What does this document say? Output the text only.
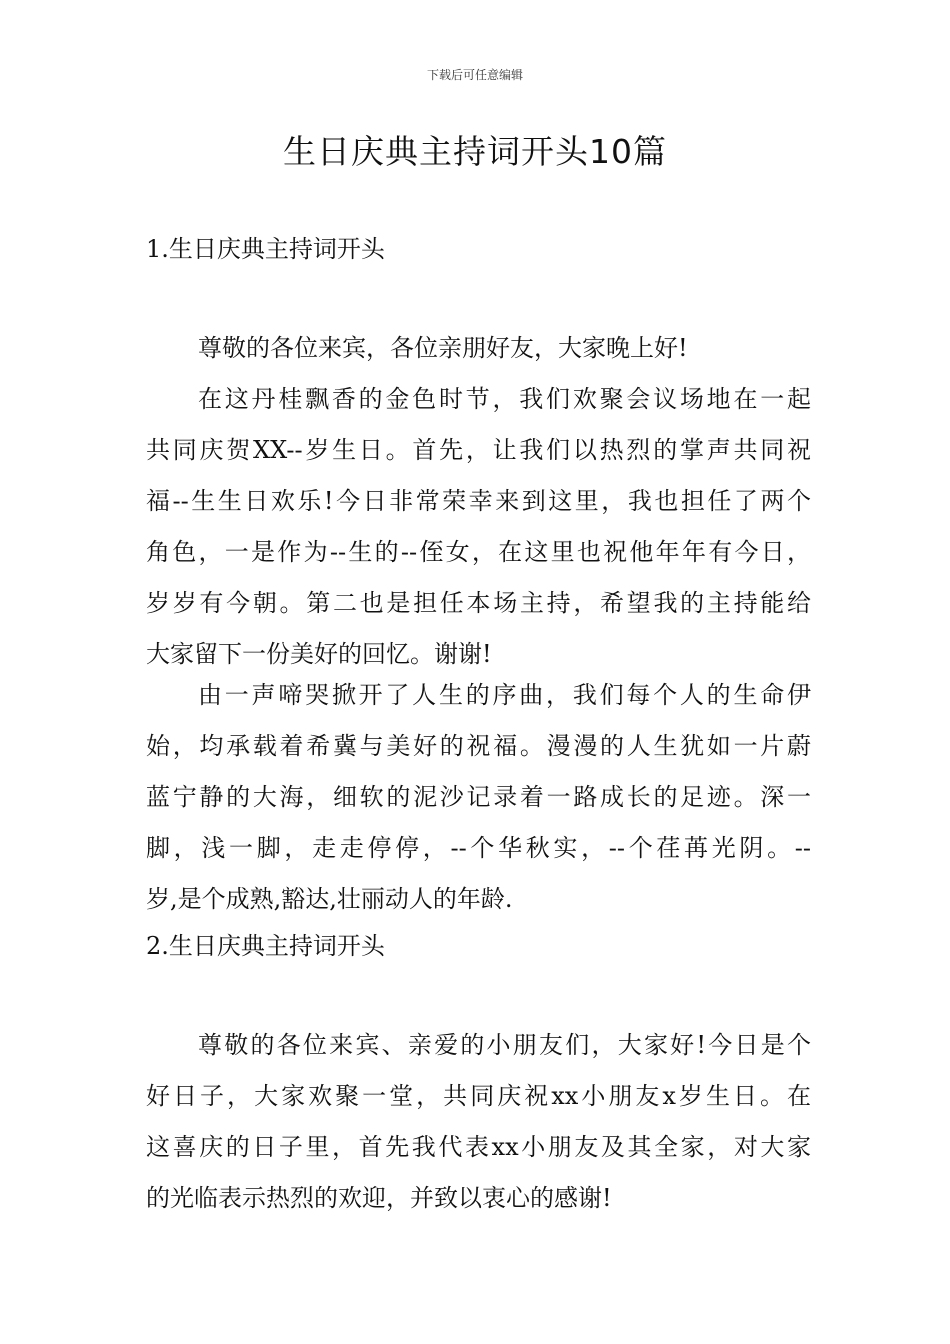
下载后可任意编辑
生日庆典主持词开头10篇
1.生日庆典主持词开头

尊敬的各位来宾，各位亲朋好友，大家晚上好!

在这丹桂飘香的金色时节，我们欢聚会议场地在一起
共同庆贺XX--岁生日。首先，让我们以热烈的掌声共同祝
福--生生日欢乐!今日非常荣幸来到这里，我也担任了两个
角色，一是作为--生的--侄女，在这里也祝他年年有今日，
岁岁有今朝。第二也是担任本场主持，希望我的主持能给
大家留下一份美好的回忆。谢谢!

由一声啼哭掀开了人生的序曲，我们每个人的生命伊
始，均承载着希冀与美好的祝福。漫漫的人生犹如一片蔚
蓝宁静的大海，细软的泥沙记录着一路成长的足迹。深一
脚，浅一脚，走走停停，--个华秋实，--个荏苒光阴。--
岁,是个成熟,豁达,壮丽动人的年龄.

2.生日庆典主持词开头

尊敬的各位来宾、亲爱的小朋友们，大家好!今日是个
好日子，大家欢聚一堂，共同庆祝xx小朋友x岁生日。在
这喜庆的日子里，首先我代表xx小朋友及其全家，对大家
的光临表示热烈的欢迎，并致以衷心的感谢!
